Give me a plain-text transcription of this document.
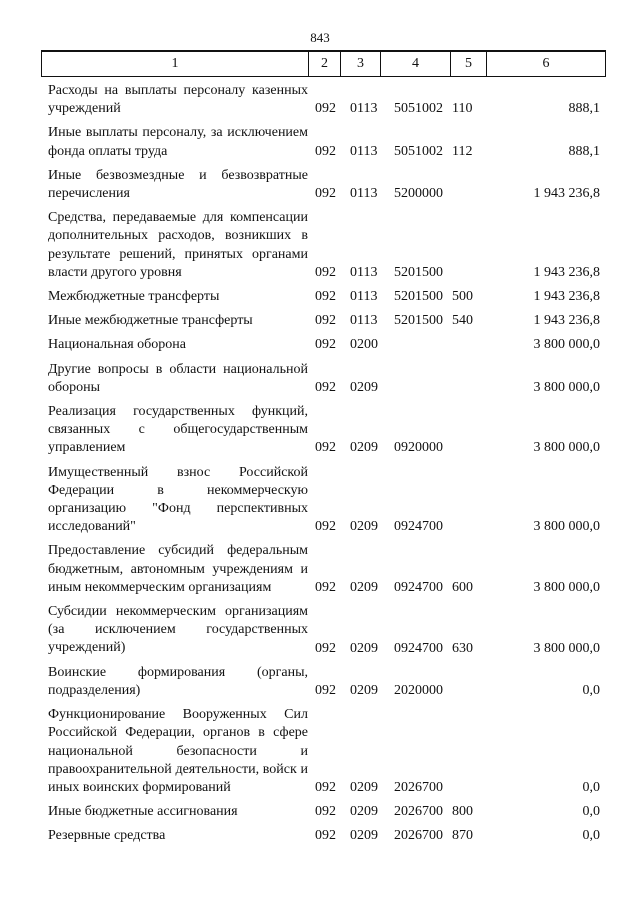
843
1	2	3	4	5	6
Расходы на выплаты персоналу казенных учреждений	092 0113 5051002 110	888,1
Иные выплаты персоналу, за исключением фонда оплаты труда	092 0113 5051002 112	888,1
Иные безвозмездные и безвозвратные перечисления	092 0113 5200000	1 943 236,8
Средства, передаваемые для компенсации дополнительных расходов, возникших в результате решений, принятых органами власти другого уровня	092 0113 5201500	1 943 236,8
Межбюджетные трансферты	092 0113 5201500 500	1 943 236,8
Иные межбюджетные трансферты	092 0113 5201500 540	1 943 236,8
Национальная оборона	092 0200	3 800 000,0
Другие вопросы в области национальной обороны	092 0209	3 800 000,0
Реализация государственных функций, связанных с общегосударственным управлением	092 0209 0920000	3 800 000,0
Имущественный взнос Российской Федерации в некоммерческую организацию "Фонд перспективных исследований"	092 0209 0924700	3 800 000,0
Предоставление субсидий федеральным бюджетным, автономным учреждениям и иным некоммерческим организациям	092 0209 0924700 600	3 800 000,0
Субсидии некоммерческим организациям (за исключением государственных учреждений)	092 0209 0924700 630	3 800 000,0
Воинские формирования (органы, подразделения)	092 0209 2020000	0,0
Функционирование Вооруженных Сил Российской Федерации, органов в сфере национальной безопасности и правоохранительной деятельности, войск и иных воинских формирований	092 0209 2026700	0,0
Иные бюджетные ассигнования	092 0209 2026700 800	0,0
Резервные средства	092 0209 2026700 870	0,0
